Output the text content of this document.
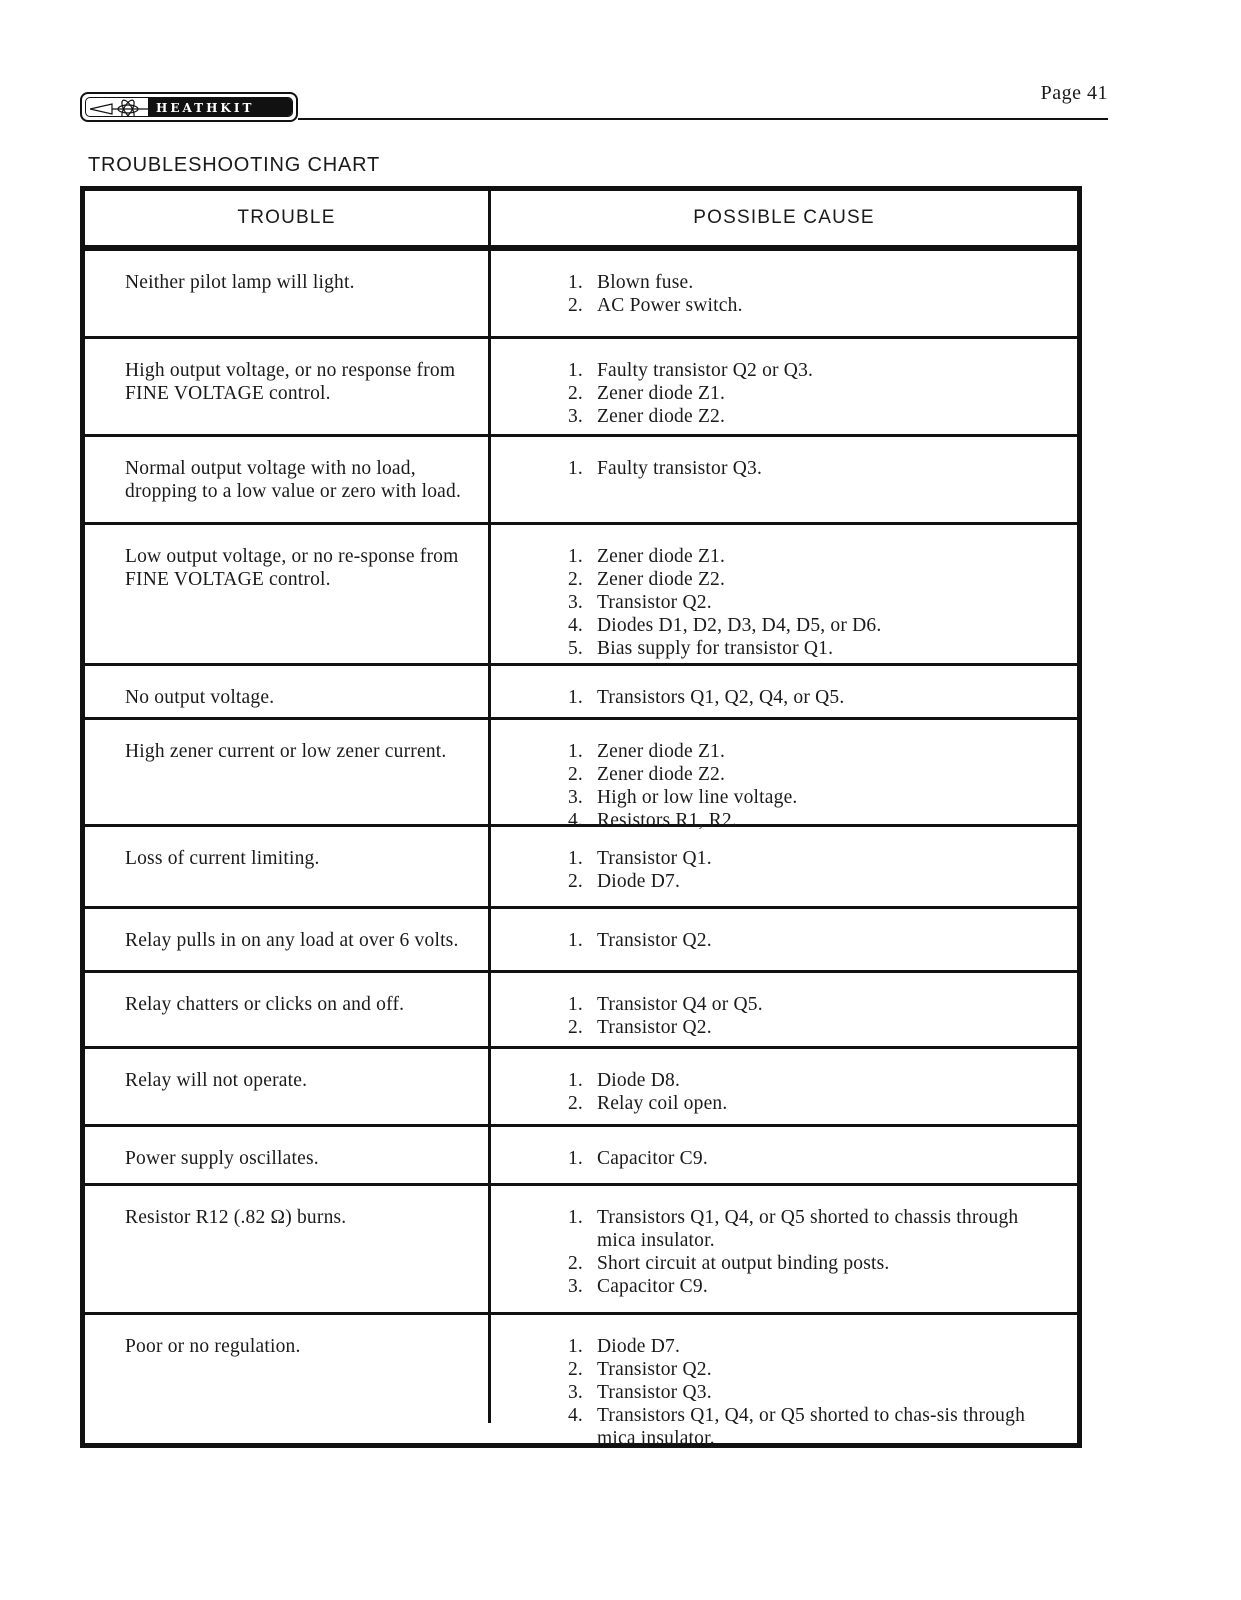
HEATHKIT
Page 41
TROUBLESHOOTING CHART
TROUBLE	POSSIBLE CAUSE
Neither pilot lamp will light.	1. Blown fuse.
2. AC Power switch.
High output voltage, or no response from FINE VOLTAGE control.
1. Faulty transistor Q2 or Q3.
2. Zener diode Z1.
3. Zener diode Z2.
Normal output voltage with no load, dropping to a low value or zero with load.
1. Faulty transistor Q3.
Low output voltage, or no re-sponse from FINE VOLTAGE control.
1. Zener diode Z1.
2. Zener diode Z2.
3. Transistor Q2.
4. Diodes D1, D2, D3, D4, D5, or D6.
5. Bias supply for transistor Q1.
No output voltage.	1. Transistors Q1, Q2, Q4, or Q5.
High zener current or low zener current.	1. Zener diode Z1.
2. Zener diode Z2.
3. High or low line voltage.
4. Resistors R1, R2.
Loss of current limiting.	1. Transistor Q1.
2. Diode D7.
Relay pulls in on any load at over 6 volts.	1. Transistor Q2.
Relay chatters or clicks on and off.	1. Transistor Q4 or Q5.
2. Transistor Q2.
Relay will not operate.	1. Diode D8.
2. Relay coil open.
Power supply oscillates.	1. Capacitor C9.
Resistor R12 (.82 Ω) burns.	1. Transistors Q1, Q4, or Q5 shorted to chassis through mica insulator.
2. Short circuit at output binding posts.
3. Capacitor C9.
Poor or no regulation.	1. Diode D7.
2. Transistor Q2.
3. Transistor Q3.
4. Transistors Q1, Q4, or Q5 shorted to chas-sis through mica insulator.
